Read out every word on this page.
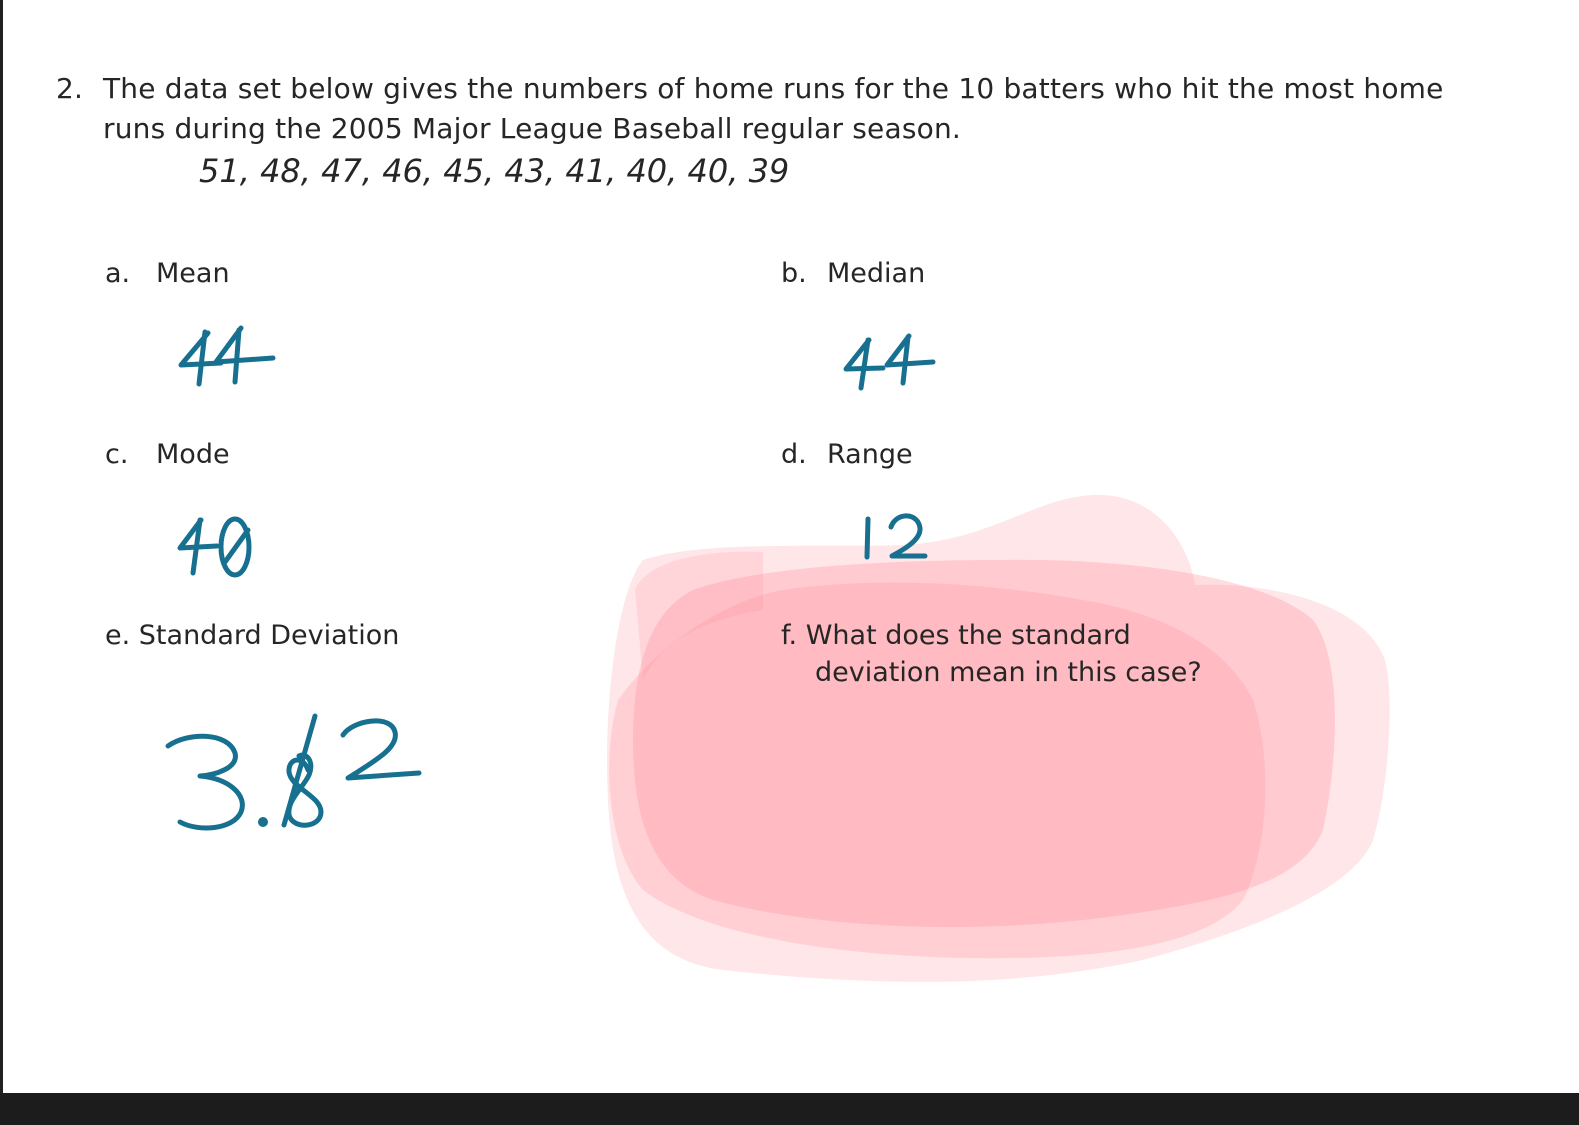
2. The data set below gives the numbers of home runs for the 10 batters who hit the most home
runs during the 2005 Major League Baseball regular season.
51, 48, 47, 46, 45, 43, 41, 40, 40, 39
a. Mean	b. Median
c. Mode	d. Range
e. Standard Deviation	f. What does the standard
deviation mean in this case?
